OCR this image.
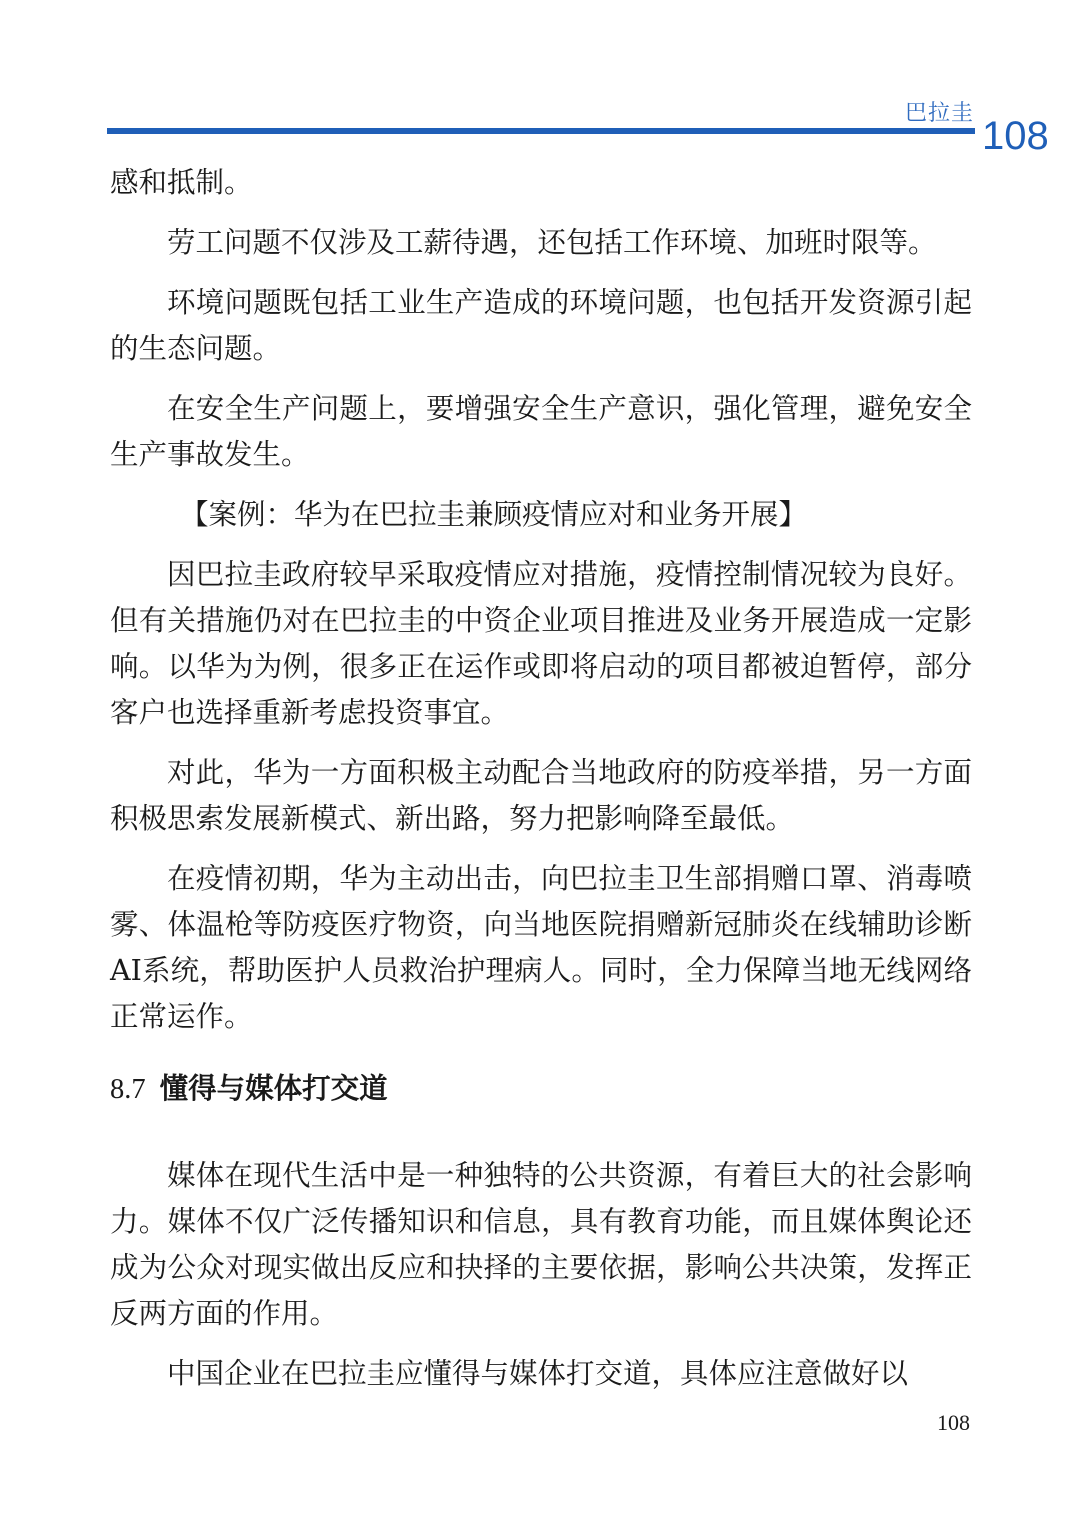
巴拉圭
108

感和抵制。

劳工问题不仅涉及工薪待遇，还包括工作环境、加班时限等。

环境问题既包括工业生产造成的环境问题，也包括开发资源引起的生态问题。

在安全生产问题上，要增强安全生产意识，强化管理，避免安全生产事故发生。

【案例：华为在巴拉圭兼顾疫情应对和业务开展】

因巴拉圭政府较早采取疫情应对措施，疫情控制情况较为良好。但有关措施仍对在巴拉圭的中资企业项目推进及业务开展造成一定影响。以华为为例，很多正在运作或即将启动的项目都被迫暂停，部分客户也选择重新考虑投资事宜。

对此，华为一方面积极主动配合当地政府的防疫举措，另一方面积极思索发展新模式、新出路，努力把影响降至最低。

在疫情初期，华为主动出击，向巴拉圭卫生部捐赠口罩、消毒喷雾、体温枪等防疫医疗物资，向当地医院捐赠新冠肺炎在线辅助诊断AI系统，帮助医护人员救治护理病人。同时，全力保障当地无线网络正常运作。

8.7 懂得与媒体打交道

媒体在现代生活中是一种独特的公共资源，有着巨大的社会影响力。媒体不仅广泛传播知识和信息，具有教育功能，而且媒体舆论还成为公众对现实做出反应和抉择的主要依据，影响公共决策，发挥正反两方面的作用。

中国企业在巴拉圭应懂得与媒体打交道，具体应注意做好以

108
